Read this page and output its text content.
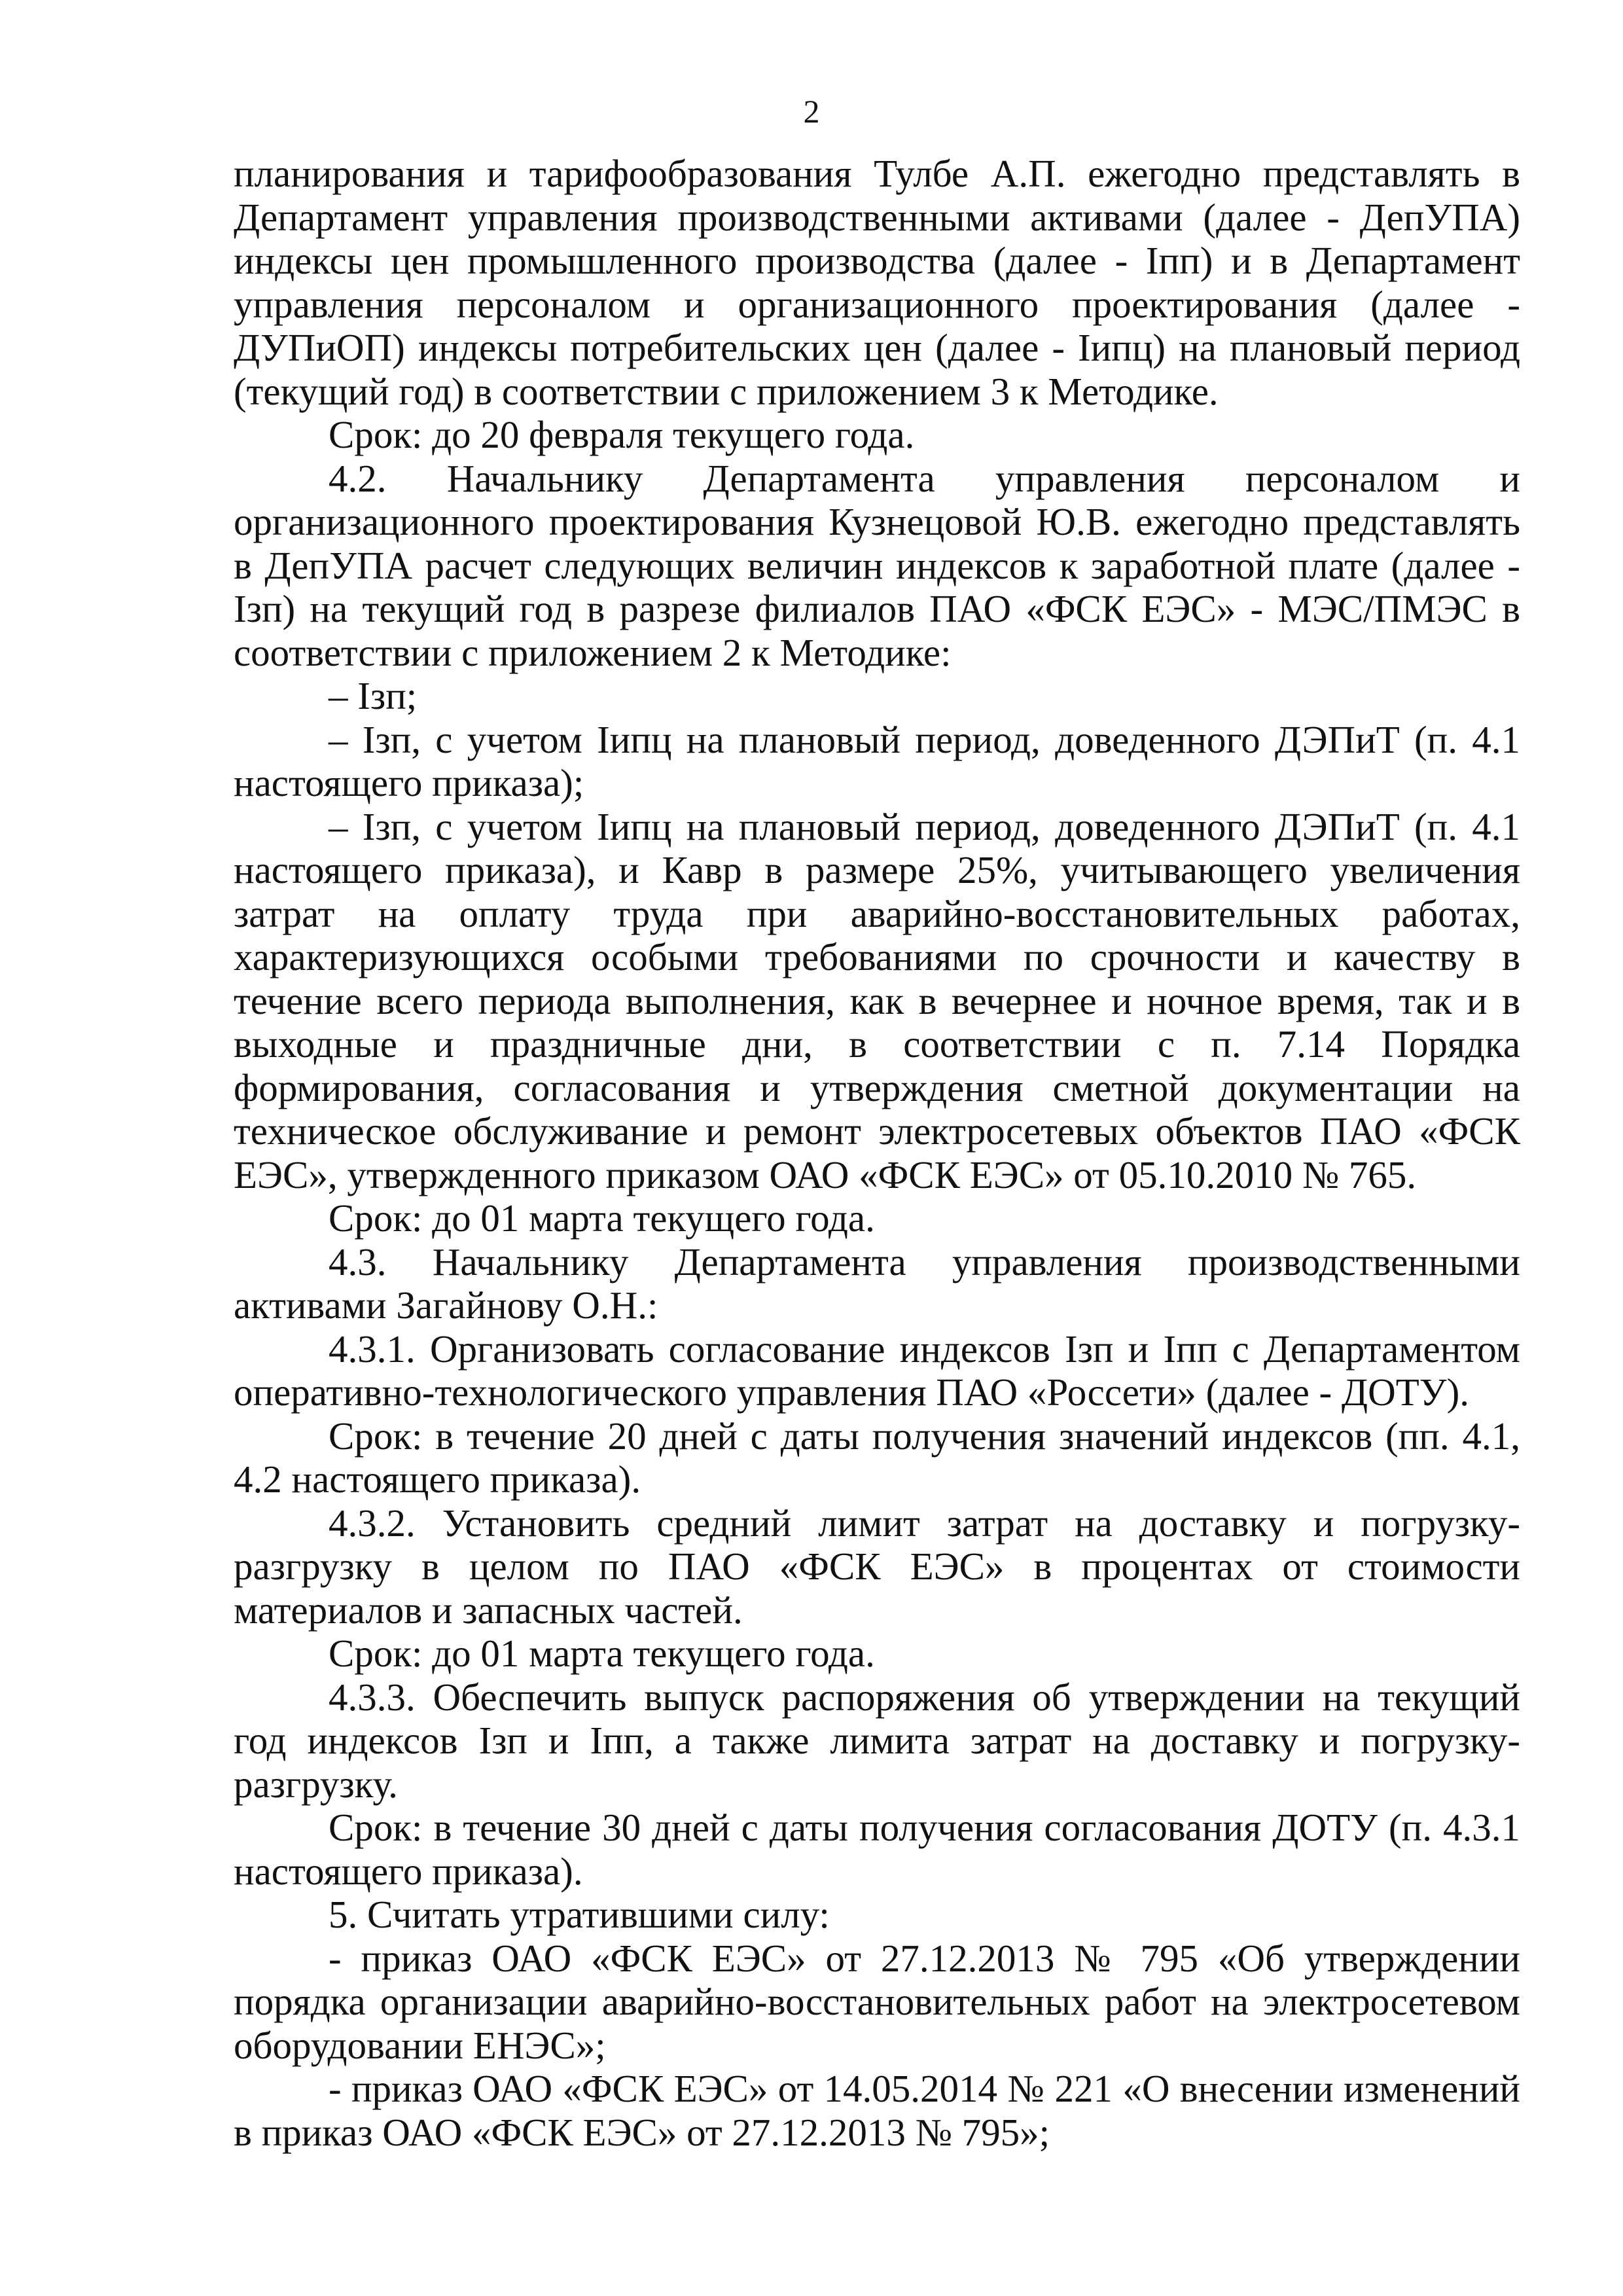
2

планирования и тарифообразования Тулбе А.П. ежегодно представлять в Департамент управления производственными активами (далее - ДепУПА) индексы цен промышленного производства (далее - Iпп) и в Департамент управления персоналом и организационного проектирования (далее - ДУПиОП) индексы потребительских цен (далее - Iипц) на плановый период (текущий год) в соответствии с приложением 3 к Методике.

Срок: до 20 февраля текущего года.

4.2. Начальнику Департамента управления персоналом и организационного проектирования Кузнецовой Ю.В. ежегодно представлять в ДепУПА расчет следующих величин индексов к заработной плате (далее - Iзп) на текущий год в разрезе филиалов ПАО «ФСК ЕЭС» - МЭС/ПМЭС в соответствии с приложением 2 к Методике:

– Iзп;

– Iзп, с учетом Iипц на плановый период, доведенного ДЭПиТ (п. 4.1 настоящего приказа);

– Iзп, с учетом Iипц на плановый период, доведенного ДЭПиТ (п. 4.1 настоящего приказа), и Кавр в размере 25%, учитывающего увеличения затрат на оплату труда при аварийно-восстановительных работах, характеризующихся особыми требованиями по срочности и качеству в течение всего периода выполнения, как в вечернее и ночное время, так и в выходные и праздничные дни, в соответствии с п. 7.14 Порядка формирования, согласования и утверждения сметной документации на техническое обслуживание и ремонт электросетевых объектов ПАО «ФСК ЕЭС», утвержденного приказом ОАО «ФСК ЕЭС» от 05.10.2010 № 765.

Срок: до 01 марта текущего года.

4.3. Начальнику Департамента управления производственными активами Загайнову О.Н.:

4.3.1. Организовать согласование индексов Iзп и Iпп с Департаментом оперативно-технологического управления ПАО «Россети» (далее - ДОТУ).

Срок: в течение 20 дней с даты получения значений индексов (пп. 4.1, 4.2 настоящего приказа).

4.3.2. Установить средний лимит затрат на доставку и погрузку-разгрузку в целом по ПАО «ФСК ЕЭС» в процентах от стоимости материалов и запасных частей.

Срок: до 01 марта текущего года.

4.3.3. Обеспечить выпуск распоряжения об утверждении на текущий год индексов Iзп и Iпп, а также лимита затрат на доставку и погрузку-разгрузку.

Срок: в течение 30 дней с даты получения согласования ДОТУ (п. 4.3.1 настоящего приказа).

5. Считать утратившими силу:

- приказ ОАО «ФСК ЕЭС» от 27.12.2013 № 795 «Об утверждении порядка организации аварийно-восстановительных работ на электросетевом оборудовании ЕНЭС»;

- приказ ОАО «ФСК ЕЭС» от 14.05.2014 № 221 «О внесении изменений в приказ ОАО «ФСК ЕЭС» от 27.12.2013 № 795»;
